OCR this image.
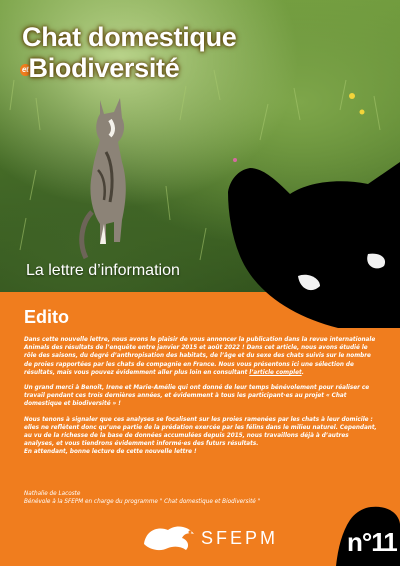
Chat domestique
etBiodiversité
La lettre d’information
Edito

Dans cette nouvelle lettre, nous avons le plaisir de vous annoncer la publication dans la revue internationale Animals des résultats de l’enquête entre janvier 2015 et août 2022 ! Dans cet article, nous avons étudié le rôle des saisons, du degré d’anthropisation des habitats, de l’âge et du sexe des chats suivis sur le nombre de proies rapportées par les chats de compagnie en France. Nous vous présentons ici une sélection de résultats, mais vous pouvez évidemment aller plus loin en consultant l’article complet.

Un grand merci à Benoît, Irene et Marie-Amélie qui ont donné de leur temps bénévolement pour réaliser ce travail pendant ces trois dernières années, et évidemment à tous les participant·es au projet « Chat domestique et biodiversité » !

Nous tenons à signaler que ces analyses se focalisent sur les proies ramenées par les chats à leur domicile : elles ne reflètent donc qu’une partie de la prédation exercée par les félins dans le milieu naturel. Cependant, au vu de la richesse de la base de données accumulées depuis 2015, nous travaillons déjà à d’autres analyses, et vous tiendrons évidemment informé·es des futurs résultats.

En attendant, bonne lecture de cette nouvelle lettre !

Nathalie de Lacoste
Bénévole à la SFEPM en charge du programme " Chat domestique et Biodiversité "
SFEPM	n°11
